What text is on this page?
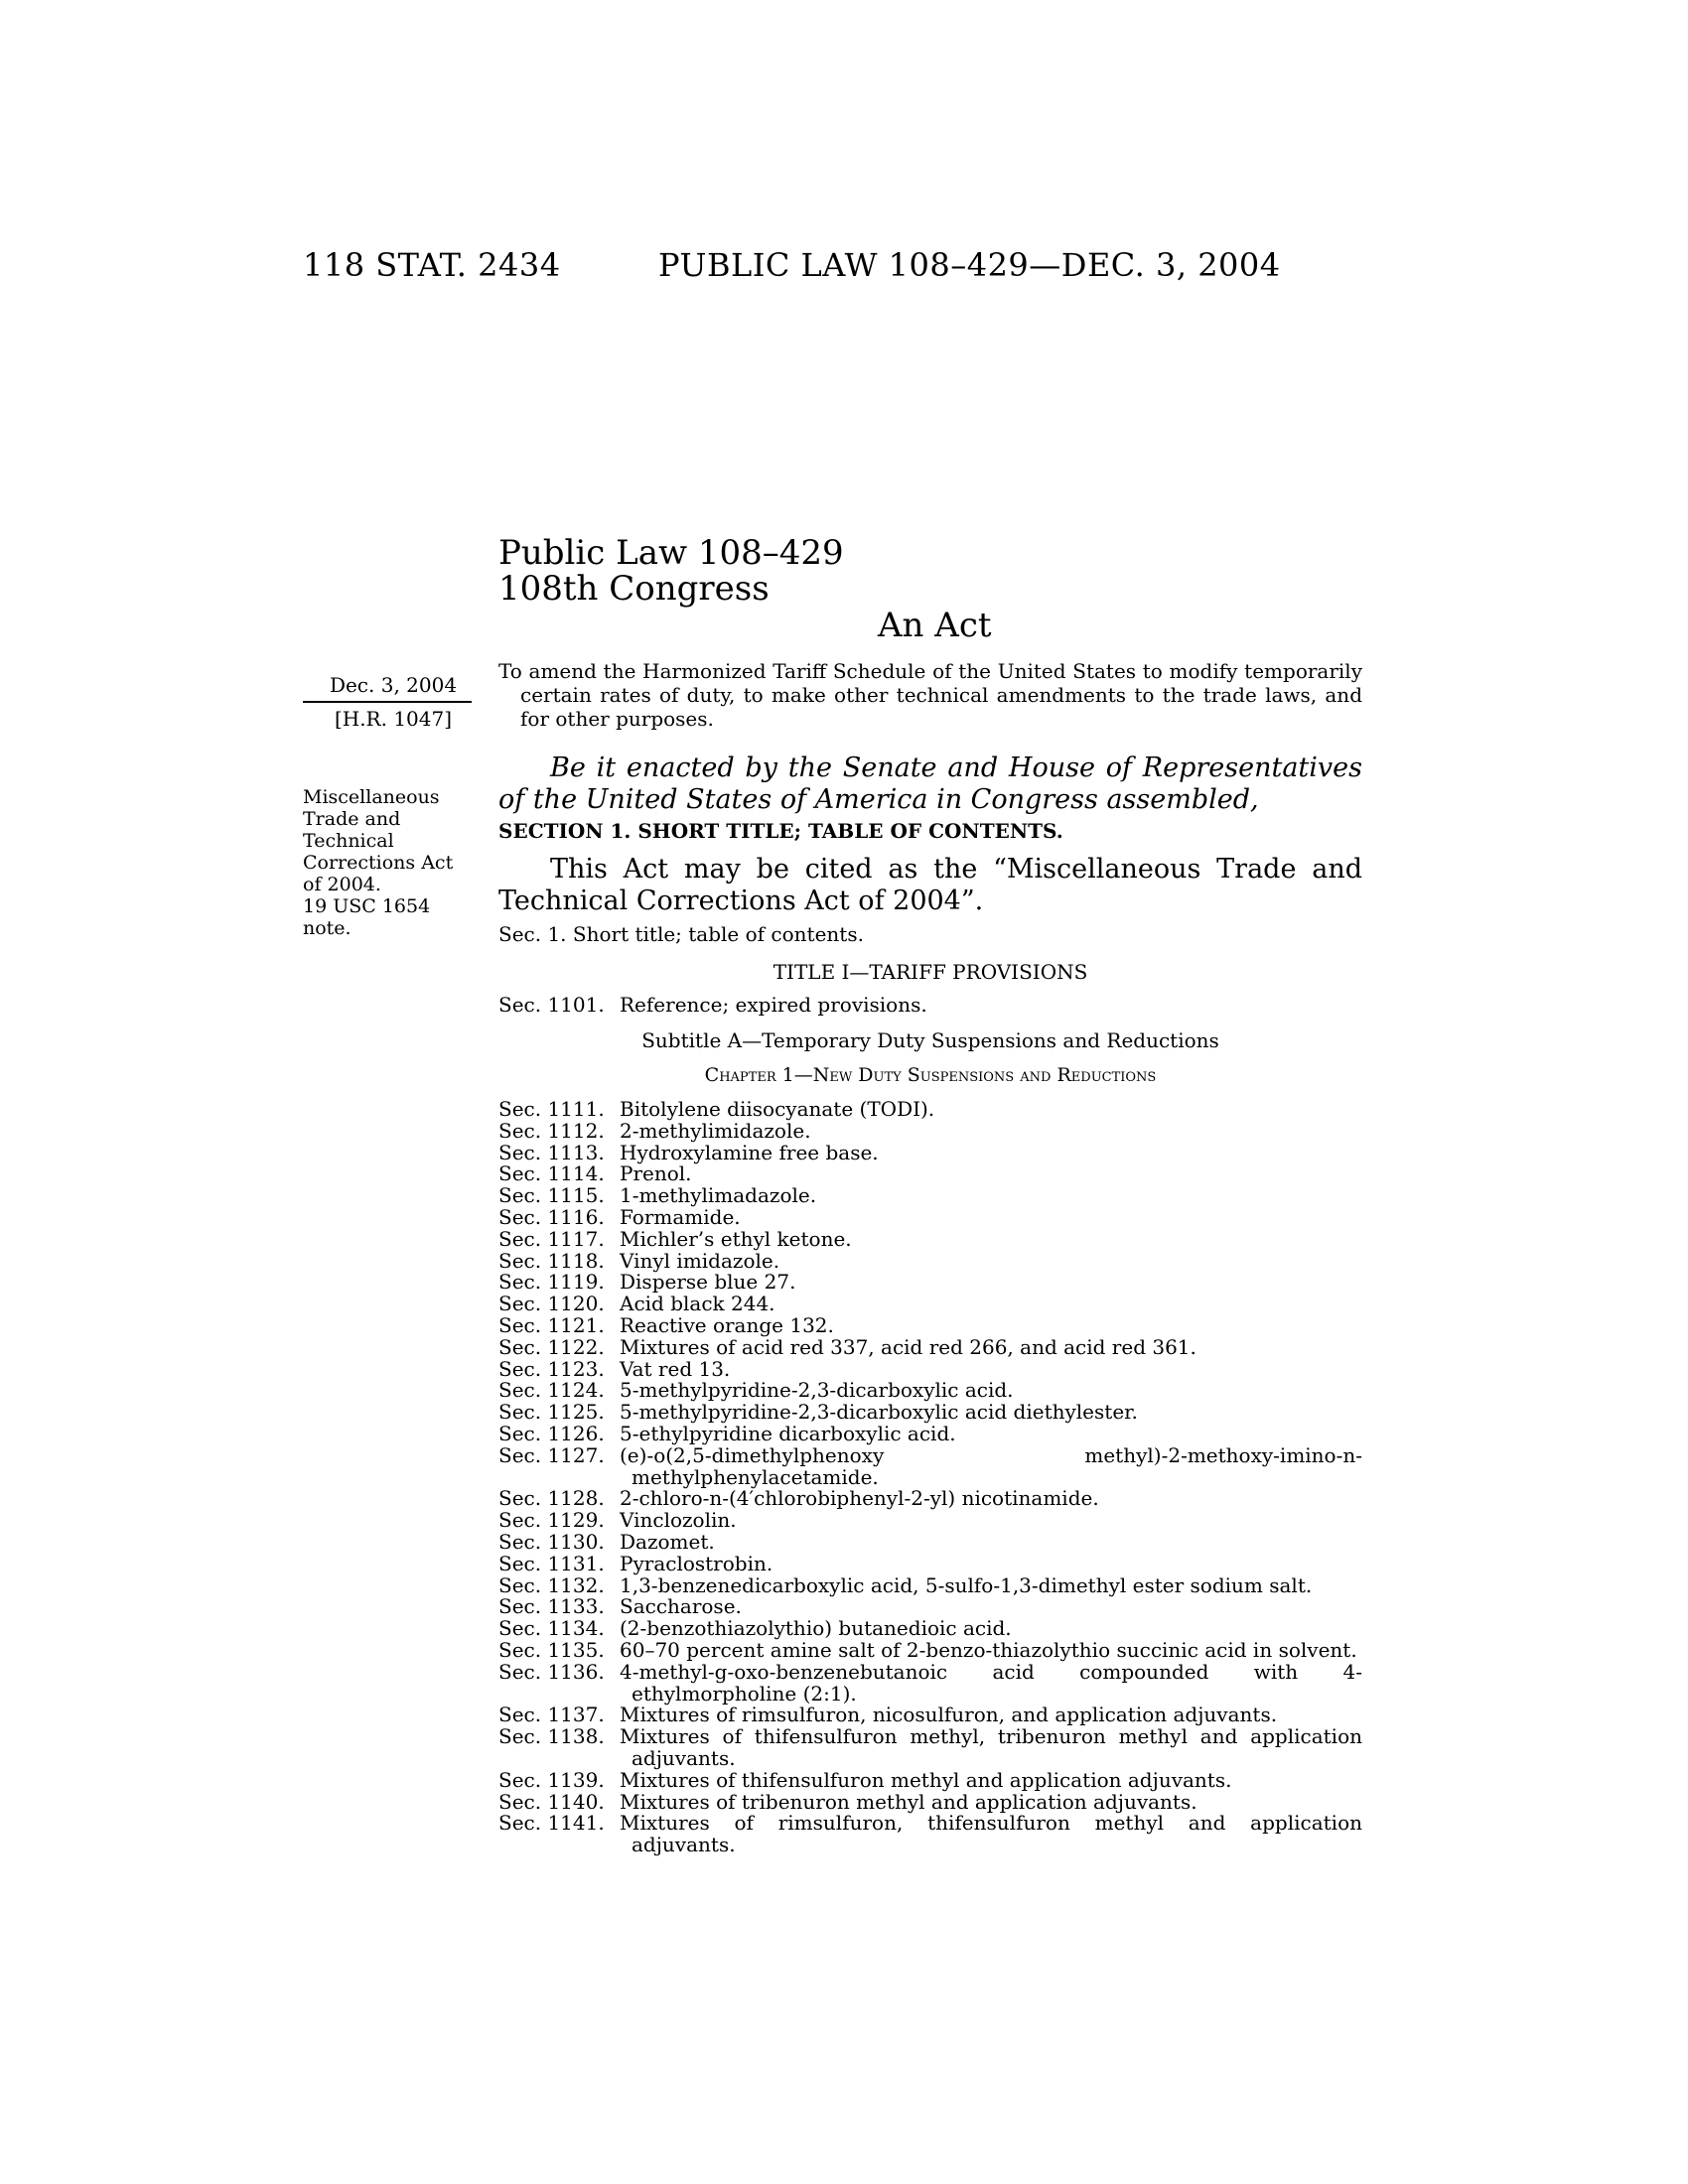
118 STAT. 2434	PUBLIC LAW 108–429—DEC. 3, 2004
Public Law 108–429
108th Congress
An Act
Dec. 3, 2004
[H.R. 1047]
Miscellaneous
Trade and
Technical
Corrections Act
of 2004.
19 USC 1654
note.
To amend the Harmonized Tariff Schedule of the United States to modify temporarily certain rates of duty, to make other technical amendments to the trade laws, and for other purposes.
Be it enacted by the Senate and House of Representatives of the United States of America in Congress assembled,
SECTION 1. SHORT TITLE; TABLE OF CONTENTS.
This Act may be cited as the “Miscellaneous Trade and Technical Corrections Act of 2004”.
Sec. 1. Short title; table of contents.
TITLE I—TARIFF PROVISIONS
Sec. 1101. Reference; expired provisions.
Subtitle A—Temporary Duty Suspensions and Reductions
Chapter 1—New Duty Suspensions and Reductions
Sec. 1111. Bitolylene diisocyanate (TODI).
Sec. 1112. 2-methylimidazole.
Sec. 1113. Hydroxylamine free base.
Sec. 1114. Prenol.
Sec. 1115. 1-methylimadazole.
Sec. 1116. Formamide.
Sec. 1117. Michler’s ethyl ketone.
Sec. 1118. Vinyl imidazole.
Sec. 1119. Disperse blue 27.
Sec. 1120. Acid black 244.
Sec. 1121. Reactive orange 132.
Sec. 1122. Mixtures of acid red 337, acid red 266, and acid red 361.
Sec. 1123. Vat red 13.
Sec. 1124. 5-methylpyridine-2,3-dicarboxylic acid.
Sec. 1125. 5-methylpyridine-2,3-dicarboxylic acid diethylester.
Sec. 1126. 5-ethylpyridine dicarboxylic acid.
Sec. 1127. (e)-o(2,5-dimethylphenoxy methyl)-2-methoxy-imino-n-methylphenylacetamide.
Sec. 1128. 2-chloro-n-(4′chlorobiphenyl-2-yl) nicotinamide.
Sec. 1129. Vinclozolin.
Sec. 1130. Dazomet.
Sec. 1131. Pyraclostrobin.
Sec. 1132. 1,3-benzenedicarboxylic acid, 5-sulfo-1,3-dimethyl ester sodium salt.
Sec. 1133. Saccharose.
Sec. 1134. (2-benzothiazolythio) butanedioic acid.
Sec. 1135. 60–70 percent amine salt of 2-benzo-thiazolythio succinic acid in solvent.
Sec. 1136. 4-methyl-g-oxo-benzenebutanoic acid compounded with 4-ethylmorpholine (2:1).
Sec. 1137. Mixtures of rimsulfuron, nicosulfuron, and application adjuvants.
Sec. 1138. Mixtures of thifensulfuron methyl, tribenuron methyl and application adjuvants.
Sec. 1139. Mixtures of thifensulfuron methyl and application adjuvants.
Sec. 1140. Mixtures of tribenuron methyl and application adjuvants.
Sec. 1141. Mixtures of rimsulfuron, thifensulfuron methyl and application adjuvants.
